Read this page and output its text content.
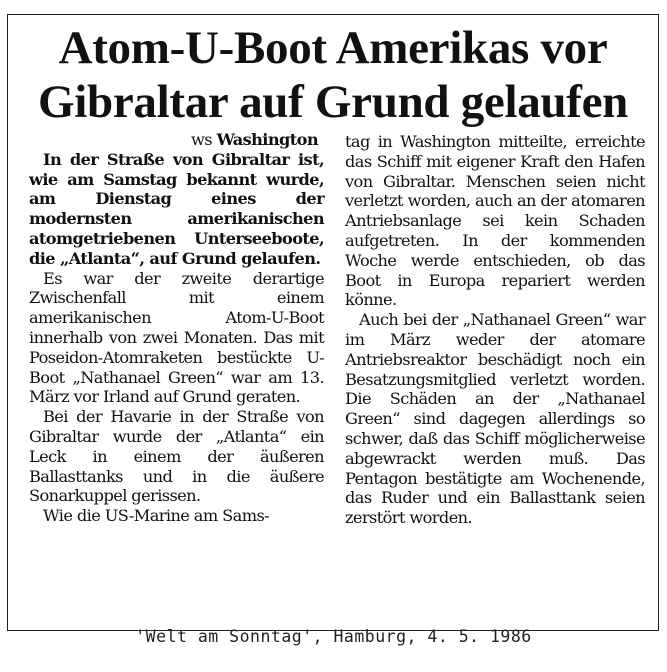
Atom-U-Boot Amerikas vor
Gibraltar auf Grund gelaufen
ws Washington

In der Straße von Gibraltar ist, wie am Samstag bekannt wurde, am Dienstag eines der modernsten amerikanischen atomgetriebenen Unterseeboote, die „Atlanta“, auf Grund gelaufen.

Es war der zweite derartige Zwischenfall mit einem amerikanischen Atom-U-Boot innerhalb von zwei Monaten. Das mit Poseidon-Atomraketen bestückte U-Boot „Nathanael Green“ war am 13. März vor Irland auf Grund geraten.

Bei der Havarie in der Straße von Gibraltar wurde der „Atlanta“ ein Leck in einem der äußeren Ballasttanks und in die äußere Sonarkuppel gerissen.

Wie die US-Marine am Sams-

tag in Washington mitteilte, erreichte das Schiff mit eigener Kraft den Hafen von Gibraltar. Menschen seien nicht verletzt worden, auch an der atomaren Antriebsanlage sei kein Schaden aufgetreten. In der kommenden Woche werde entschieden, ob das Boot in Europa repariert werden könne.

Auch bei der „Nathanael Green“ war im März weder der atomare Antriebsreaktor beschädigt noch ein Besatzungsmitglied verletzt worden. Die Schäden an der „Nathanael Green“ sind dagegen allerdings so schwer, daß das Schiff möglicherweise abgewrackt werden muß. Das Pentagon bestätigte am Wochenende, das Ruder und ein Ballasttank seien zerstört worden.

'Welt am Sonntag', Hamburg, 4. 5. 1986
